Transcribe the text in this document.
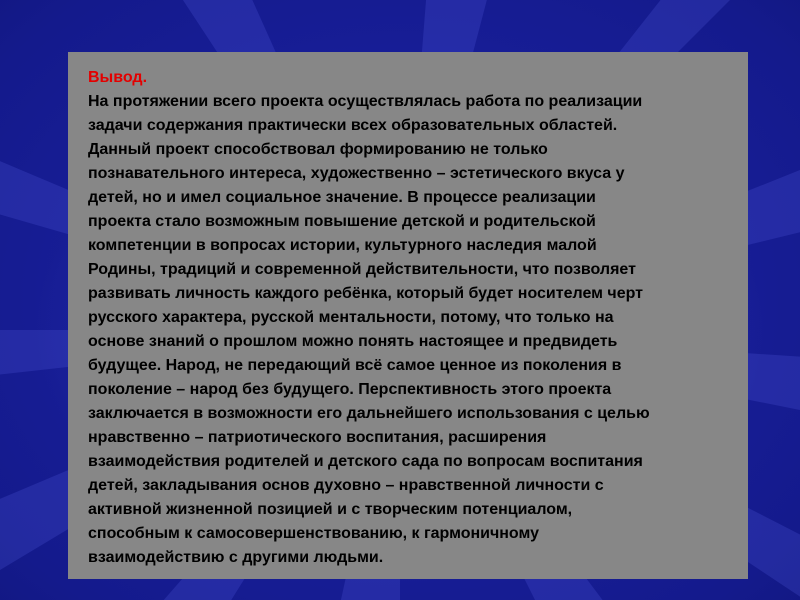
Вывод.

На протяжении всего проекта осуществлялась работа по реализации
задачи содержания практически всех образовательных областей.
Данный проект способствовал формированию не только
познавательного интереса, художественно – эстетического вкуса у
детей, но и имел социальное значение. В процессе реализации
проекта стало возможным повышение детской и родительской
компетенции в вопросах истории, культурного наследия малой
Родины, традиций и современной действительности, что позволяет
развивать личность каждого ребёнка, который будет носителем черт
русского характера, русской ментальности, потому, что только на
основе знаний о прошлом можно понять настоящее и предвидеть
будущее. Народ, не передающий всё самое ценное из поколения в
поколение – народ без будущего. Перспективность этого проекта
заключается в возможности его дальнейшего использования с целью
нравственно – патриотического воспитания, расширения
взаимодействия родителей и детского сада по вопросам воспитания
детей, закладывания основ духовно – нравственной личности с
активной жизненной позицией и с творческим потенциалом,
способным к самосовершенствованию, к гармоничному
взаимодействию с другими людьми.
